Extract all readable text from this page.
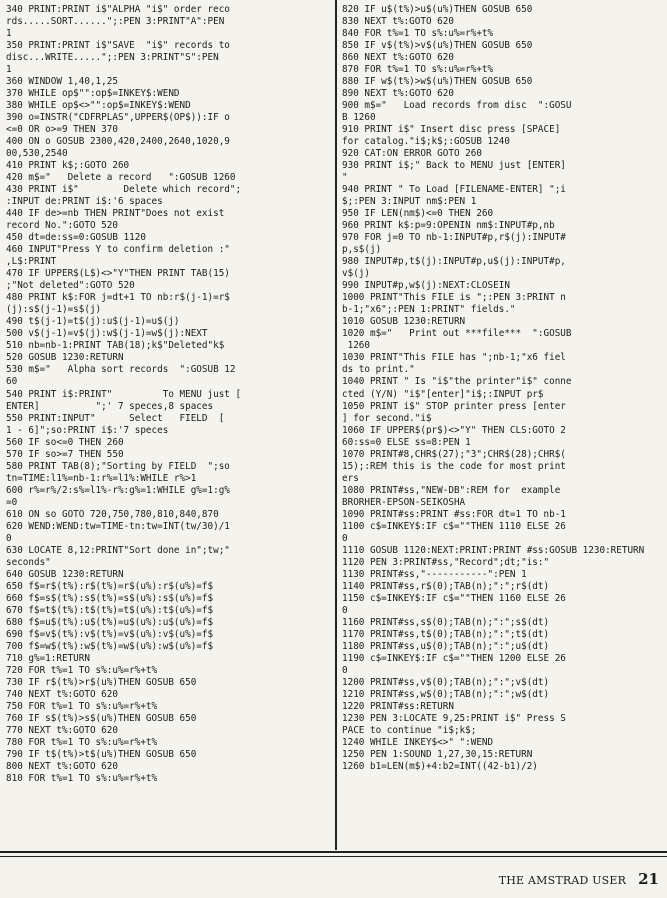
340 PRINT:PRINT i$"ALPHA "i$" order reco
rds.....SORT......";:PEN 3:PRINT"A":PEN
1
350 PRINT:PRINT i$"SAVE  "i$" records to
disc...WRITE.....";:PEN 3:PRINT"S":PEN
1
360 WINDOW 1,40,1,25
370 WHILE op$"":op$=INKEY$:WEND
380 WHILE op$<>"":op$=INKEY$:WEND
390 o=INSTR("CDFRPLAS",UPPER$(OP$)):IF o
<=0 OR o>=9 THEN 370
400 ON o GOSUB 2300,420,2400,2640,1020,9
00,530,2540
410 PRINT k$;:GOTO 260
420 m$="   Delete a record   ":GOSUB 1260
430 PRINT i$"        Delete which record";
:INPUT de:PRINT i$:'6 spaces
440 IF de>=nb THEN PRINT"Does not exist
record No.":GOTO 520
450 dt=de:ss=0:GOSUB 1120
460 INPUT"Press Y to confirm deletion :"
,L$:PRINT
470 IF UPPER$(L$)<>"Y"THEN PRINT TAB(15)
;"Not deleted":GOTO 520
480 PRINT k$:FOR j=dt+1 TO nb:r$(j-1)=r$
(j):s$(j-1)=s$(j)
490 t$(j-1)=t$(j):u$(j-1)=u$(j)
500 v$(j-1)=v$(j):w$(j-1)=w$(j):NEXT
510 nb=nb-1:PRINT TAB(18);k$"Deleted"k$
520 GOSUB 1230:RETURN
530 m$="   Alpha sort records  ":GOSUB 12
60
540 PRINT i$:PRINT"         To MENU just [
ENTER]          ";' 7 speces,8 spaces
550 PRINT:INPUT"      Select   FIELD  [
1 - 6]";so:PRINT i$:'7 speces
560 IF so<=0 THEN 260
570 IF so>=7 THEN 550
580 PRINT TAB(8);"Sorting by FIELD  ";so
tn=TIME:l1%=nb-1:r%=l1%:WHILE r%>1
600 r%=r%/2:s%=l1%-r%:g%=1:WHILE g%=1:g%
=0
610 ON so GOTO 720,750,780,810,840,870
620 WEND:WEND:tw=TIME-tn:tw=INT(tw/30)/1
0
630 LOCATE 8,12:PRINT"Sort done in";tw;"
seconds"
640 GOSUB 1230:RETURN
650 f$=r$(t%):r$(t%)=r$(u%):r$(u%)=f$
660 f$=s$(t%):s$(t%)=s$(u%):s$(u%)=f$
670 f$=t$(t%):t$(t%)=t$(u%):t$(u%)=f$
680 f$=u$(t%):u$(t%)=u$(u%):u$(u%)=f$
690 f$=v$(t%):v$(t%)=v$(u%):v$(u%)=f$
700 f$=w$(t%):w$(t%)=w$(u%):w$(u%)=f$
710 g%=1:RETURN
720 FOR t%=1 TO s%:u%=r%+t%
730 IF r$(t%)>r$(u%)THEN GOSUB 650
740 NEXT t%:GOTO 620
750 FOR t%=1 TO s%:u%=r%+t%
760 IF s$(t%)>s$(u%)THEN GOSUB 650
770 NEXT t%:GOTO 620
780 FOR t%=1 TO s%:u%=r%+t%
790 IF t$(t%)>t$(u%)THEN GOSUB 650
800 NEXT t%:GOTO 620
810 FOR t%=1 TO s%:u%=r%+t%
820 IF u$(t%)>u$(u%)THEN GOSUB 650
830 NEXT t%:GOTO 620
840 FOR t%=1 TO s%:u%=r%+t%
850 IF v$(t%)>v$(u%)THEN GOSUB 650
860 NEXT t%:GOTO 620
870 FOR t%=1 TO s%:u%=r%+t%
880 IF w$(t%)>w$(u%)THEN GOSUB 650
890 NEXT t%:GOTO 620
900 m$="   Load records from disc  ":GOSU
B 1260
910 PRINT i$" Insert disc press [SPACE]
for catalog."i$;k$;:GOSUB 1240
920 CAT:ON ERROR GOTO 260
930 PRINT i$;" Back to MENU just [ENTER]
"
940 PRINT " To Load [FILENAME-ENTER] ";i
$;:PEN 3:INPUT nm$:PEN 1
950 IF LEN(nm$)<=0 THEN 260
960 PRINT k$:p=9:OPENIN nm$:INPUT#p,nb
970 FOR j=0 TO nb-1:INPUT#p,r$(j):INPUT#
p,s$(j)
980 INPUT#p,t$(j):INPUT#p,u$(j):INPUT#p,
v$(j)
990 INPUT#p,w$(j):NEXT:CLOSEIN
1000 PRINT"This FILE is ";:PEN 3:PRINT n
b-1;"x6";:PEN 1:PRINT" fields."
1010 GOSUB 1230:RETURN
1020 m$="   Print out ***file***  ":GOSUB
1260
1030 PRINT"This FILE has ";nb-1;"x6 fiel
ds to print."
1040 PRINT " Is "i$"the printer"i$" conne
cted (Y/N) "i$"[enter]"i$;:INPUT pr$
1050 PRINT i$" STOP printer press [enter
] for second."i$
1060 IF UPPER$(pr$)<>"Y" THEN CLS:GOTO 2
60:ss=0 ELSE ss=8:PEN 1
1070 PRINT#8,CHR$(27);"3";CHR$(28);CHR$(
15);:REM this is the code for most print
ers
1080 PRINT#ss,"NEW-DB":REM for  example
BRORHER-EPSON-SEIKOSHA
1090 PRINT#ss:PRINT #ss:FOR dt=1 TO nb-1
1100 c$=INKEY$:IF c$=""THEN 1110 ELSE 26
0
1110 GOSUB 1120:NEXT:PRINT:PRINT #ss:GOSUB 1230:RETURN
1120 PEN 3:PRINT#ss,"Record";dt;"is:"
1130 PRINT#ss,"-----------":PEN 1
1140 PRINT#ss,r$(0);TAB(n);":";r$(dt)
1150 c$=INKEY$:IF c$=""THEN 1160 ELSE 26
0
1160 PRINT#ss,s$(0);TAB(n);":";s$(dt)
1170 PRINT#ss,t$(0);TAB(n);":";t$(dt)
1180 PRINT#ss,u$(0);TAB(n);":";u$(dt)
1190 c$=INKEY$:IF c$=""THEN 1200 ELSE 26
0
1200 PRINT#ss,v$(0);TAB(n);":";v$(dt)
1210 PRINT#ss,w$(0);TAB(n);":";w$(dt)
1220 PRINT#ss:RETURN
1230 PEN 3:LOCATE 9,25:PRINT i$" Press S
PACE to continue "i$;k$;
1240 WHILE INKEY$<>" ":WEND
1250 PEN 1:SOUND 1,27,30,15:RETURN
1260 b1=LEN(m$)+4:b2=INT((42-b1)/2)
THE AMSTRAD USER 21
